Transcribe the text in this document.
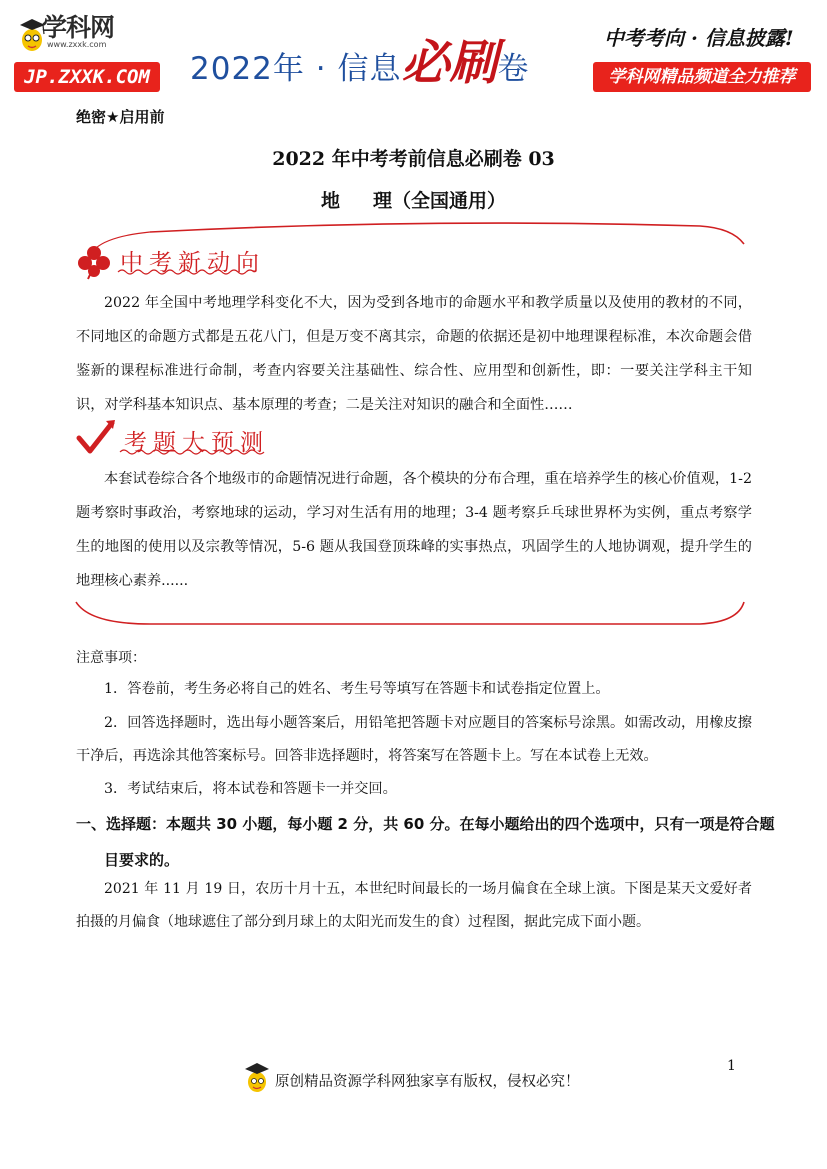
学科网
www.zxxk.com
JP.ZXXK.COM	2022年 · 信息必刷卷
中考考向 · 信息披露!
学科网精品频道全力推荐
绝密★启用前
2022 年中考考前信息必刷卷 03
地     理（全国通用）
中考新动向
2022 年全国中考地理学科变化不大，因为受到各地市的命题水平和教学质量以及使用的教材的不同，不同地区的命题方式都是五花八门，但是万变不离其宗，命题的依据还是初中地理课程标准，本次命题会借鉴新的课程标准进行命制，考查内容要关注基础性、综合性、应用型和创新性，即：一要关注学科主干知识，对学科基本知识点、基本原理的考查；二是关注对知识的融合和全面性……
考题大预测
本套试卷综合各个地级市的命题情况进行命题，各个模块的分布合理，重在培养学生的核心价值观，1-2 题考察时事政治，考察地球的运动，学习对生活有用的地理；3-4 题考察乒乓球世界杯为实例，重点考察学生的地图的使用以及宗教等情况，5-6 题从我国登顶珠峰的实事热点，巩固学生的人地协调观，提升学生的地理核心素养......
注意事项：
1．答卷前，考生务必将自己的姓名、考生号等填写在答题卡和试卷指定位置上。
2．回答选择题时，选出每小题答案后，用铅笔把答题卡对应题目的答案标号涂黑。如需改动，用橡皮擦干净后，再选涂其他答案标号。回答非选择题时，将答案写在答题卡上。写在本试卷上无效。
3．考试结束后，将本试卷和答题卡一并交回。
一、选择题：本题共 30 小题，每小题 2 分，共 60 分。在每小题给出的四个选项中，只有一项是符合题目要求的。
2021 年 11 月 19 日，农历十月十五，本世纪时间最长的一场月偏食在全球上演。下图是某天文爱好者拍摄的月偏食（地球遮住了部分到月球上的太阳光而发生的食）过程图，据此完成下面小题。
1
原创精品资源学科网独家享有版权，侵权必究！
